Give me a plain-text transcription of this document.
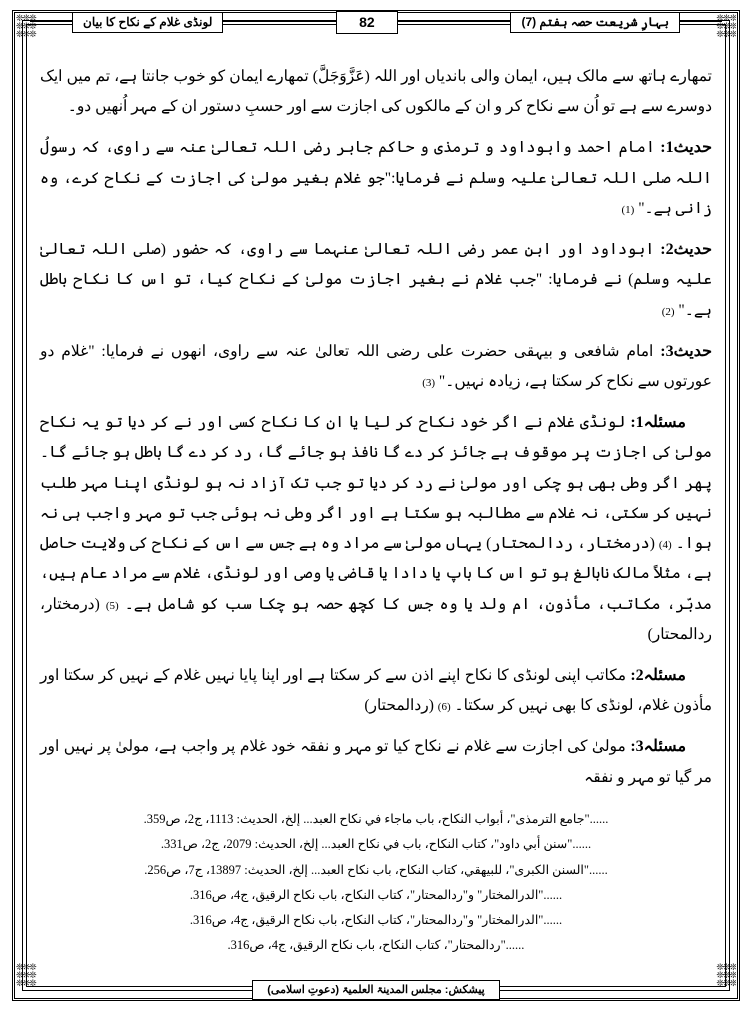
❊❊❊
❊❊❊
❊❊❊
❊❊❊
❊❊❊
❊❊❊
❊❊❊
❊❊❊
❊❊❊
❊❊❊
❊❊❊
❊❊❊
بہارِ شریعت حصہ ہفتم (7)
82
لونڈی غلام کے نکاح کا بیان

تمھارے ہاتھ سے مالک ہیں، ایمان والی باندیاں اور اللہ (عَزَّوَجَلَّ) تمھارے ایمان کو خوب جانتا ہے، تم میں ایک دوسرے سے ہے تو اُن سے نکاح کر و ان کے مالکوں کی اجازت سے اور حسبِ دستور ان کے مہر اُنھیں دو۔

حدیث1: امام احمد وابوداود و ترمذی و حاکم جابر رضی اللہ تعالیٰ عنہ سے راوی، کہ رسولُ اللہ صلی اللہ تعالیٰ علیہ وسلم نے فرمایا:"جو غلام بغیر مولیٰ کی اجازت کے نکاح کرے، وہ زانی ہے۔" (1)

حدیث2: ابوداود اور ابنِ عمر رضی اللہ تعالیٰ عنہما سے راوی، کہ حضور (صلی اللہ تعالیٰ علیہ وسلم) نے فرمایا: "جب غلام نے بغیر اجازت مولیٰ کے نکاح کیا، تو اس کا نکاح باطل ہے۔" (2)

حدیث3: امام شافعی و بیہقی حضرت علی رضی اللہ تعالیٰ عنہ سے راوی، انھوں نے فرمایا: "غلام دو عورتوں سے نکاح کر سکتا ہے، زیادہ نہیں۔" (3)

مسئلہ1: لونڈی غلام نے اگر خود نکاح کر لیا یا ان کا نکاح کسی اور نے کر دیا تو یہ نکاح مولیٰ کی اجازت پر موقوف ہے جائز کر دے گا نافذ ہو جائے گا، رد کر دے گا باطل ہو جائے گا۔ پھر اگر وطی بھی ہو چکی اور مولیٰ نے رد کر دیا تو جب تک آزاد نہ ہو لونڈی اپنا مہر طلب نہیں کر سکتی، نہ غلام سے مطالبہ ہو سکتا ہے اور اگر وطی نہ ہوئی جب تو مہر واجب ہی نہ ہوا۔ (4) (درمختار، ردالمحتار) یہاں مولیٰ سے مراد وہ ہے جس سے اس کے نکاح کی ولایت حاصل ہے، مثلاً مالک نابالغ ہو تو اس کا باپ یا دادا یا قاضی یا وصی اور لونڈی، غلام سے مراد عام ہیں، مدبّر، مکاتب، مأذون، ام ولد یا وہ جس کا کچھ حصہ ہو چکا سب کو شامل ہے۔ (5) (درمختار، ردالمحتار)

مسئلہ2: مکاتب اپنی لونڈی کا نکاح اپنے اذن سے کر سکتا ہے اور اپنا پایا نہیں غلام کے نہیں کر سکتا اور مأذون غلام، لونڈی کا بھی نہیں کر سکتا۔ (6) (ردالمحتار)

مسئلہ3: مولیٰ کی اجازت سے غلام نے نکاح کیا تو مہر و نفقہ خود غلام پر واجب ہے، مولیٰ پر نہیں اور مر گیا تو مہر و نفقہ

......"جامع الترمذی"، أبواب النکاح، باب ماجاء في نکاح العبد... إلخ، الحدیث: 1113، ج2، ص359.

......"سنن أبي داود"، کتاب النکاح، باب في نکاح العبد... إلخ، الحدیث: 2079، ج2، ص331.

......"السنن الکبری"، للبیهقي، کتاب النکاح، باب نکاح العبد... إلخ، الحدیث: 13897، ج7، ص256.

......"الدرالمختار" و"ردالمحتار"، کتاب النکاح، باب نکاح الرقیق، ج4، ص316.

......"الدرالمختار" و"ردالمحتار"، کتاب النکاح، باب نکاح الرقیق، ج4، ص316.

......"ردالمحتار"، کتاب النکاح، باب نکاح الرقیق، ج4، ص316.

پیشکش: مجلس المدینۃ العلمیۃ (دعوتِ اسلامی)
